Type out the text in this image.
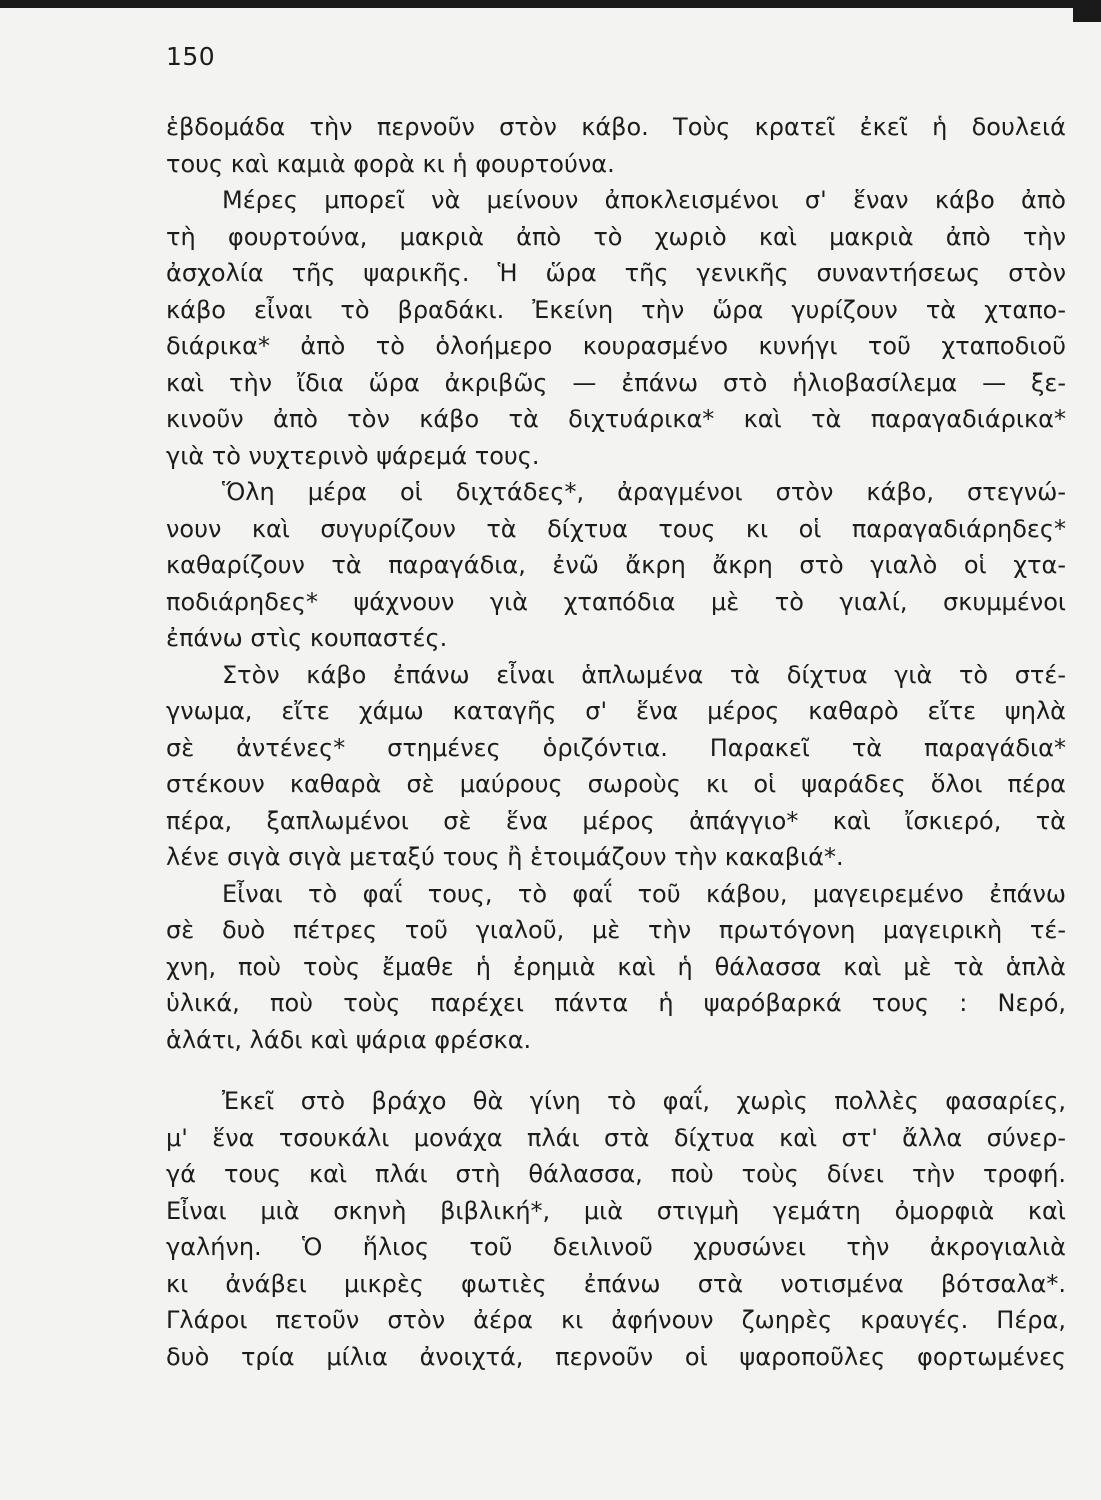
150
ἑβδομάδα τὴν περνοῦν στὸν κάβο. Τοὺς κρατεῖ ἐκεῖ ἡ δουλειά
τους καὶ καμιὰ φορὰ κι ἡ φουρτούνα.
Μέρες μπορεῖ νὰ μείνουν ἀποκλεισμένοι σ' ἕναν κάβο ἀπὸ
τὴ φουρτούνα, μακριὰ ἀπὸ τὸ χωριὸ καὶ μακριὰ ἀπὸ τὴν
ἀσχολία τῆς ψαρικῆς. Ἡ ὥρα τῆς γενικῆς συναντήσεως στὸν
κάβο εἶναι τὸ βραδάκι. Ἐκείνη τὴν ὥρα γυρίζουν τὰ χταπο-
διάρικα* ἀπὸ τὸ ὁλοήμερο κουρασμένο κυνήγι τοῦ χταποδιοῦ
καὶ τὴν ἴδια ὥρα ἀκριβῶς — ἐπάνω στὸ ἡλιοβασίλεμα — ξε-
κινοῦν ἀπὸ τὸν κάβο τὰ διχτυάρικα* καὶ τὰ παραγαδιάρικα*
γιὰ τὸ νυχτερινὸ ψάρεμά τους.
Ὅλη μέρα οἱ διχτάδες*, ἀραγμένοι στὸν κάβο, στεγνώ-
νουν καὶ συγυρίζουν τὰ δίχτυα τους κι οἱ παραγαδιάρηδες*
καθαρίζουν τὰ παραγάδια, ἐνῶ ἄκρη ἄκρη στὸ γιαλὸ οἱ χτα-
ποδιάρηδες* ψάχνουν γιὰ χταπόδια μὲ τὸ γιαλί, σκυμμένοι
ἐπάνω στὶς κουπαστές.
Στὸν κάβο ἐπάνω εἶναι ἁπλωμένα τὰ δίχτυα γιὰ τὸ στέ-
γνωμα, εἴτε χάμω καταγῆς σ' ἕνα μέρος καθαρὸ εἴτε ψηλὰ
σὲ ἀντένες* στημένες ὁριζόντια. Παρακεῖ τὰ παραγάδια*
στέκουν καθαρὰ σὲ μαύρους σωροὺς κι οἱ ψαράδες ὅλοι πέρα
πέρα, ξαπλωμένοι σὲ ἕνα μέρος ἀπάγγιο* καὶ ἴσκιερό, τὰ
λένε σιγὰ σιγὰ μεταξύ τους ἢ ἑτοιμάζουν τὴν κακαβιά*.
Εἶναι τὸ φαΐ τους, τὸ φαΐ τοῦ κάβου, μαγειρεμένο ἐπάνω
σὲ δυὸ πέτρες τοῦ γιαλοῦ, μὲ τὴν πρωτόγονη μαγειρικὴ τέ-
χνη, ποὺ τοὺς ἔμαθε ἡ ἐρημιὰ καὶ ἡ θάλασσα καὶ μὲ τὰ ἁπλὰ
ὑλικά, ποὺ τοὺς παρέχει πάντα ἡ ψαρόβαρκά τους : Νερό,
ἁλάτι, λάδι καὶ ψάρια φρέσκα.
Ἐκεῖ στὸ βράχο θὰ γίνη τὸ φαΐ, χωρὶς πολλὲς φασαρίες,
μ' ἕνα τσουκάλι μονάχα πλάι στὰ δίχτυα καὶ στ' ἄλλα σύνερ-
γά τους καὶ πλάι στὴ θάλασσα, ποὺ τοὺς δίνει τὴν τροφή.
Εἶναι μιὰ σκηνὴ βιβλική*, μιὰ στιγμὴ γεμάτη ὀμορφιὰ καὶ
γαλήνη. Ὁ ἥλιος τοῦ δειλινοῦ χρυσώνει τὴν ἀκρογιαλιὰ
κι ἀνάβει μικρὲς φωτιὲς ἐπάνω στὰ νοτισμένα βότσαλα*.
Γλάροι πετοῦν στὸν ἀέρα κι ἀφήνουν ζωηρὲς κραυγές. Πέρα,
δυὸ τρία μίλια ἀνοιχτά, περνοῦν οἱ ψαροποῦλες φορτωμένες
